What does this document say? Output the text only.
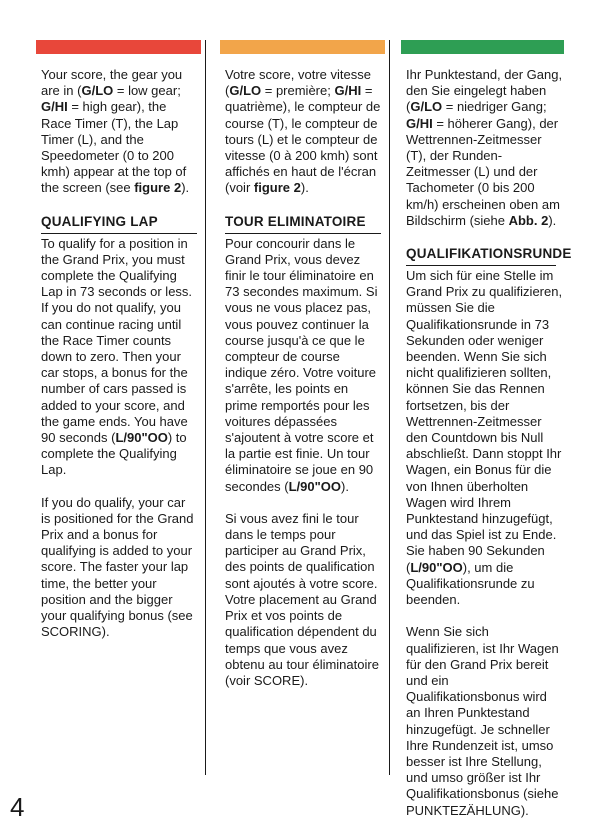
Your score, the gear you are in (G/LO = low gear; G/HI = high gear), the Race Timer (T), the Lap Timer (L), and the Speedometer (0 to 200 kmh) appear at the top of the screen (see figure 2).

QUALIFYING LAP

To qualify for a position in the Grand Prix, you must complete the Qualifying Lap in 73 seconds or less. If you do not qualify, you can continue racing until the Race Timer counts down to zero. Then your car stops, a bonus for the number of cars passed is added to your score, and the game ends. You have 90 seconds (L/90"OO) to complete the Qualifying Lap.

If you do qualify, your car is positioned for the Grand Prix and a bonus for qualifying is added to your score. The faster your lap time, the better your position and the bigger your qualifying bonus (see SCORING).

Votre score, votre vitesse (G/LO = première; G/HI = quatrième), le compteur de course (T), le compteur de tours (L) et le compteur de vitesse (0 à 200 kmh) sont affichés en haut de l'écran (voir figure 2).

TOUR ELIMINATOIRE

Pour concourir dans le Grand Prix, vous devez finir le tour éliminatoire en 73 secondes maximum. Si vous ne vous placez pas, vous pouvez continuer la course jusqu'à ce que le compteur de course indique zéro. Votre voiture s'arrête, les points en prime remportés pour les voitures dépassées s'ajoutent à votre score et la partie est finie. Un tour éliminatoire se joue en 90 secondes (L/90"OO).

Si vous avez fini le tour dans le temps pour participer au Grand Prix, des points de qualification sont ajoutés à votre score. Votre placement au Grand Prix et vos points de qualification dépendent du temps que vous avez obtenu au tour éliminatoire (voir SCORE).

Ihr Punktestand, der Gang, den Sie eingelegt haben (G/LO = niedriger Gang; G/HI = höherer Gang), der Wettrennen-Zeitmesser (T), der Runden-Zeitmesser (L) und der Tachometer (0 bis 200 km/h) erscheinen oben am Bildschirm (siehe Abb. 2).

QUALIFIKATIONSRUNDE

Um sich für eine Stelle im Grand Prix zu qualifizieren, müssen Sie die Qualifikationsrunde in 73 Sekunden oder weniger beenden. Wenn Sie sich nicht qualifizieren sollten, können Sie das Rennen fortsetzen, bis der Wettrennen-Zeitmesser den Countdown bis Null abschließt. Dann stoppt Ihr Wagen, ein Bonus für die von Ihnen überholten Wagen wird Ihrem Punktestand hinzugefügt, und das Spiel ist zu Ende. Sie haben 90 Sekunden (L/90"OO), um die Qualifikationsrunde zu beenden.

Wenn Sie sich qualifizieren, ist Ihr Wagen für den Grand Prix bereit und ein Qualifikationsbonus wird an Ihren Punktestand hinzugefügt. Je schneller Ihre Rundenzeit ist, umso besser ist Ihre Stellung, und umso größer ist Ihr Qualifikationsbonus (siehe PUNKTEZÄHLUNG).

4
